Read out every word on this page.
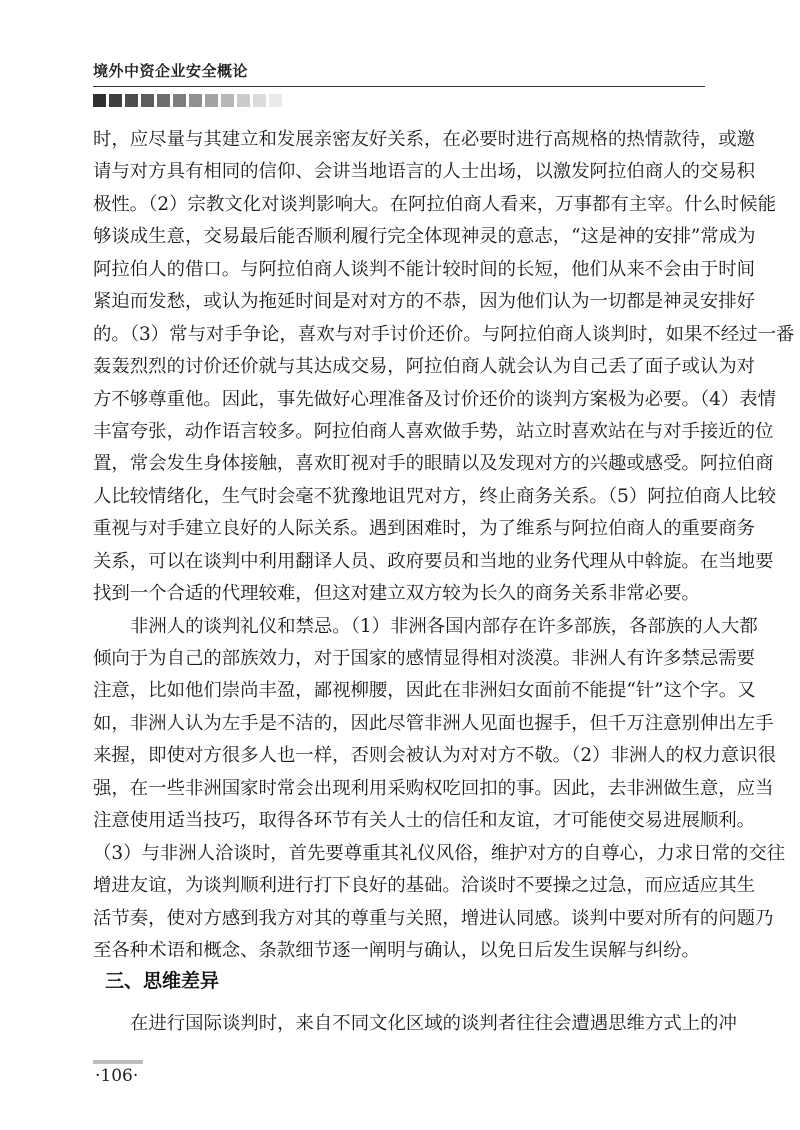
境外中资企业安全概论
时，应尽量与其建立和发展亲密友好关系，在必要时进行高规格的热情款待，或邀
请与对方具有相同的信仰、会讲当地语言的人士出场，以激发阿拉伯商人的交易积
极性。（2）宗教文化对谈判影响大。在阿拉伯商人看来，万事都有主宰。什么时候能
够谈成生意，交易最后能否顺利履行完全体现神灵的意志，“这是神的安排”常成为
阿拉伯人的借口。与阿拉伯商人谈判不能计较时间的长短，他们从来不会由于时间
紧迫而发愁，或认为拖延时间是对对方的不恭，因为他们认为一切都是神灵安排好
的。（3）常与对手争论，喜欢与对手讨价还价。与阿拉伯商人谈判时，如果不经过一番
轰轰烈烈的讨价还价就与其达成交易，阿拉伯商人就会认为自己丢了面子或认为对
方不够尊重他。因此，事先做好心理准备及讨价还价的谈判方案极为必要。（4）表情
丰富夸张，动作语言较多。阿拉伯商人喜欢做手势，站立时喜欢站在与对手接近的位
置，常会发生身体接触，喜欢盯视对手的眼睛以及发现对方的兴趣或感受。阿拉伯商
人比较情绪化，生气时会毫不犹豫地诅咒对方，终止商务关系。（5）阿拉伯商人比较
重视与对手建立良好的人际关系。遇到困难时，为了维系与阿拉伯商人的重要商务
关系，可以在谈判中利用翻译人员、政府要员和当地的业务代理从中斡旋。在当地要
找到一个合适的代理较难，但这对建立双方较为长久的商务关系非常必要。
非洲人的谈判礼仪和禁忌。（1）非洲各国内部存在许多部族，各部族的人大都
倾向于为自己的部族效力，对于国家的感情显得相对淡漠。非洲人有许多禁忌需要
注意，比如他们崇尚丰盈，鄙视柳腰，因此在非洲妇女面前不能提“针”这个字。又
如，非洲人认为左手是不洁的，因此尽管非洲人见面也握手，但千万注意别伸出左手
来握，即使对方很多人也一样，否则会被认为对对方不敬。（2）非洲人的权力意识很
强，在一些非洲国家时常会出现利用采购权吃回扣的事。因此，去非洲做生意，应当
注意使用适当技巧，取得各环节有关人士的信任和友谊，才可能使交易进展顺利。
（3）与非洲人洽谈时，首先要尊重其礼仪风俗，维护对方的自尊心，力求日常的交往
增进友谊，为谈判顺利进行打下良好的基础。洽谈时不要操之过急，而应适应其生
活节奏，使对方感到我方对其的尊重与关照，增进认同感。谈判中要对所有的问题乃
至各种术语和概念、条款细节逐一阐明与确认，以免日后发生误解与纠纷。
三、思维差异
在进行国际谈判时，来自不同文化区域的谈判者往往会遭遇思维方式上的冲
·106·
